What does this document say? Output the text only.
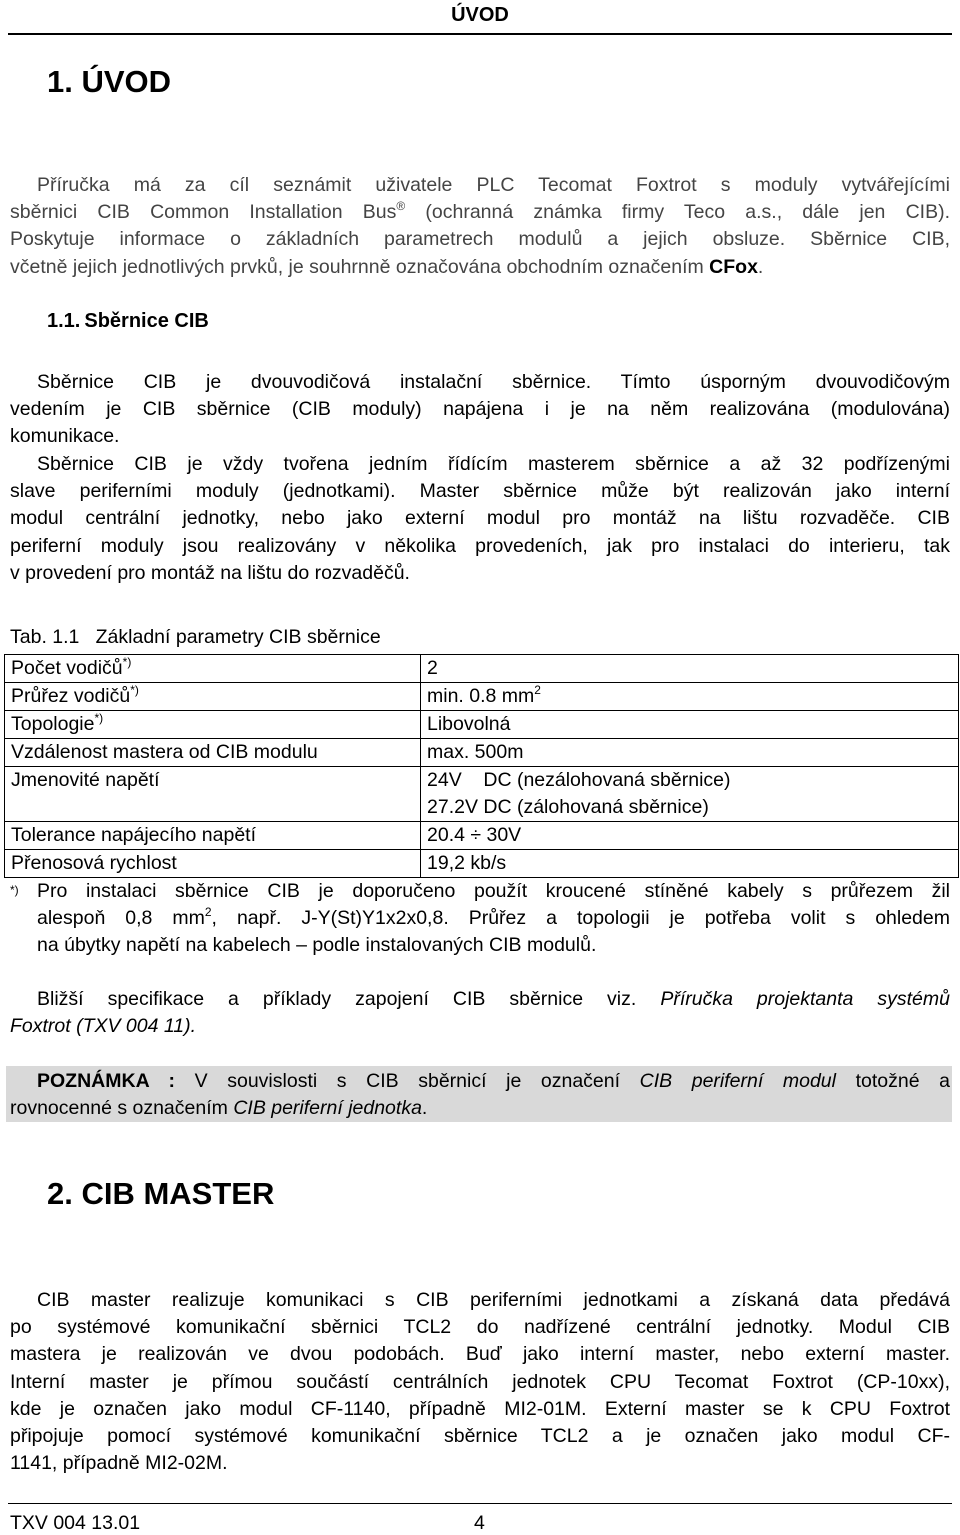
ÚVOD
1. ÚVOD
Příručka má za cíl seznámit uživatele PLC Tecomat Foxtrot s moduly vytvářejícími
sběrnici CIB Common Installation Bus® (ochranná známka firmy Teco a.s., dále jen CIB).
Poskytuje informace o základních parametrech modulů a jejich obsluze. Sběrnice CIB,
včetně jejich jednotlivých prvků, je souhrnně označována obchodním označením CFox.
1.1. Sběrnice CIB
Sběrnice CIB je dvouvodičová instalační sběrnice. Tímto úsporným dvouvodičovým
vedením je CIB sběrnice (CIB moduly) napájena i je na něm realizována (modulována)
komunikace.
Sběrnice CIB je vždy tvořena jedním řídícím masterem sběrnice a až 32 podřízenými
slave periferními moduly (jednotkami). Master sběrnice může být realizován jako interní
modul centrální jednotky, nebo jako externí modul pro montáž na lištu rozvaděče. CIB
periferní moduly jsou realizovány v několika provedeních, jak pro instalaci do interieru, tak
v provedení pro montáž na lištu do rozvaděčů.
Tab. 1.1   Základní parametry CIB sběrnice
Počet vodičů*)	2
Průřez vodičů*)	min. 0.8 $mm^2$
Topologie*)	Libovolná
Vzdálenost mastera od CIB modulu	max. 500m
Jmenovité napětí	24V    DC (nezálohovaná sběrnice)
27.2V DC (zálohovaná sběrnice)

Tolerance napájecího napětí	20.4 ÷ 30V
Přenosová rychlost	19,2 kb/s
*) Pro instalaci sběrnice CIB je doporučeno použít kroucené stíněné kabely s průřezem žil
alespoň 0,8 $mm^2$, např. J-Y(St)Y1x2x0,8. Průřez a topologii je potřeba volit s ohledem
na úbytky napětí na kabelech – podle instalovaných CIB modulů.
Bližší specifikace a příklady zapojení CIB sběrnice viz. Příručka projektanta systémů
Foxtrot (TXV 004 11).
POZNÁMKA : V souvislosti s CIB sběrnicí je označení CIB periferní modul totožné a
rovnocenné s označením CIB periferní jednotka.
2. CIB MASTER
CIB master realizuje komunikaci s CIB periferními jednotkami a získaná data předává
po systémové komunikační sběrnici TCL2 do nadřízené centrální jednotky. Modul CIB
mastera je realizován ve dvou podobách. Buď jako interní master, nebo externí master.
Interní master je přímou součástí centrálních jednotek CPU Tecomat Foxtrot (CP-10xx),
kde je označen jako modul CF-1140, případně MI2-01M. Externí master se k CPU Foxtrot
připojuje pomocí systémové komunikační sběrnice TCL2 a je označen jako modul CF-
1141, případně MI2-02M.
TXV 004 13.01	4
